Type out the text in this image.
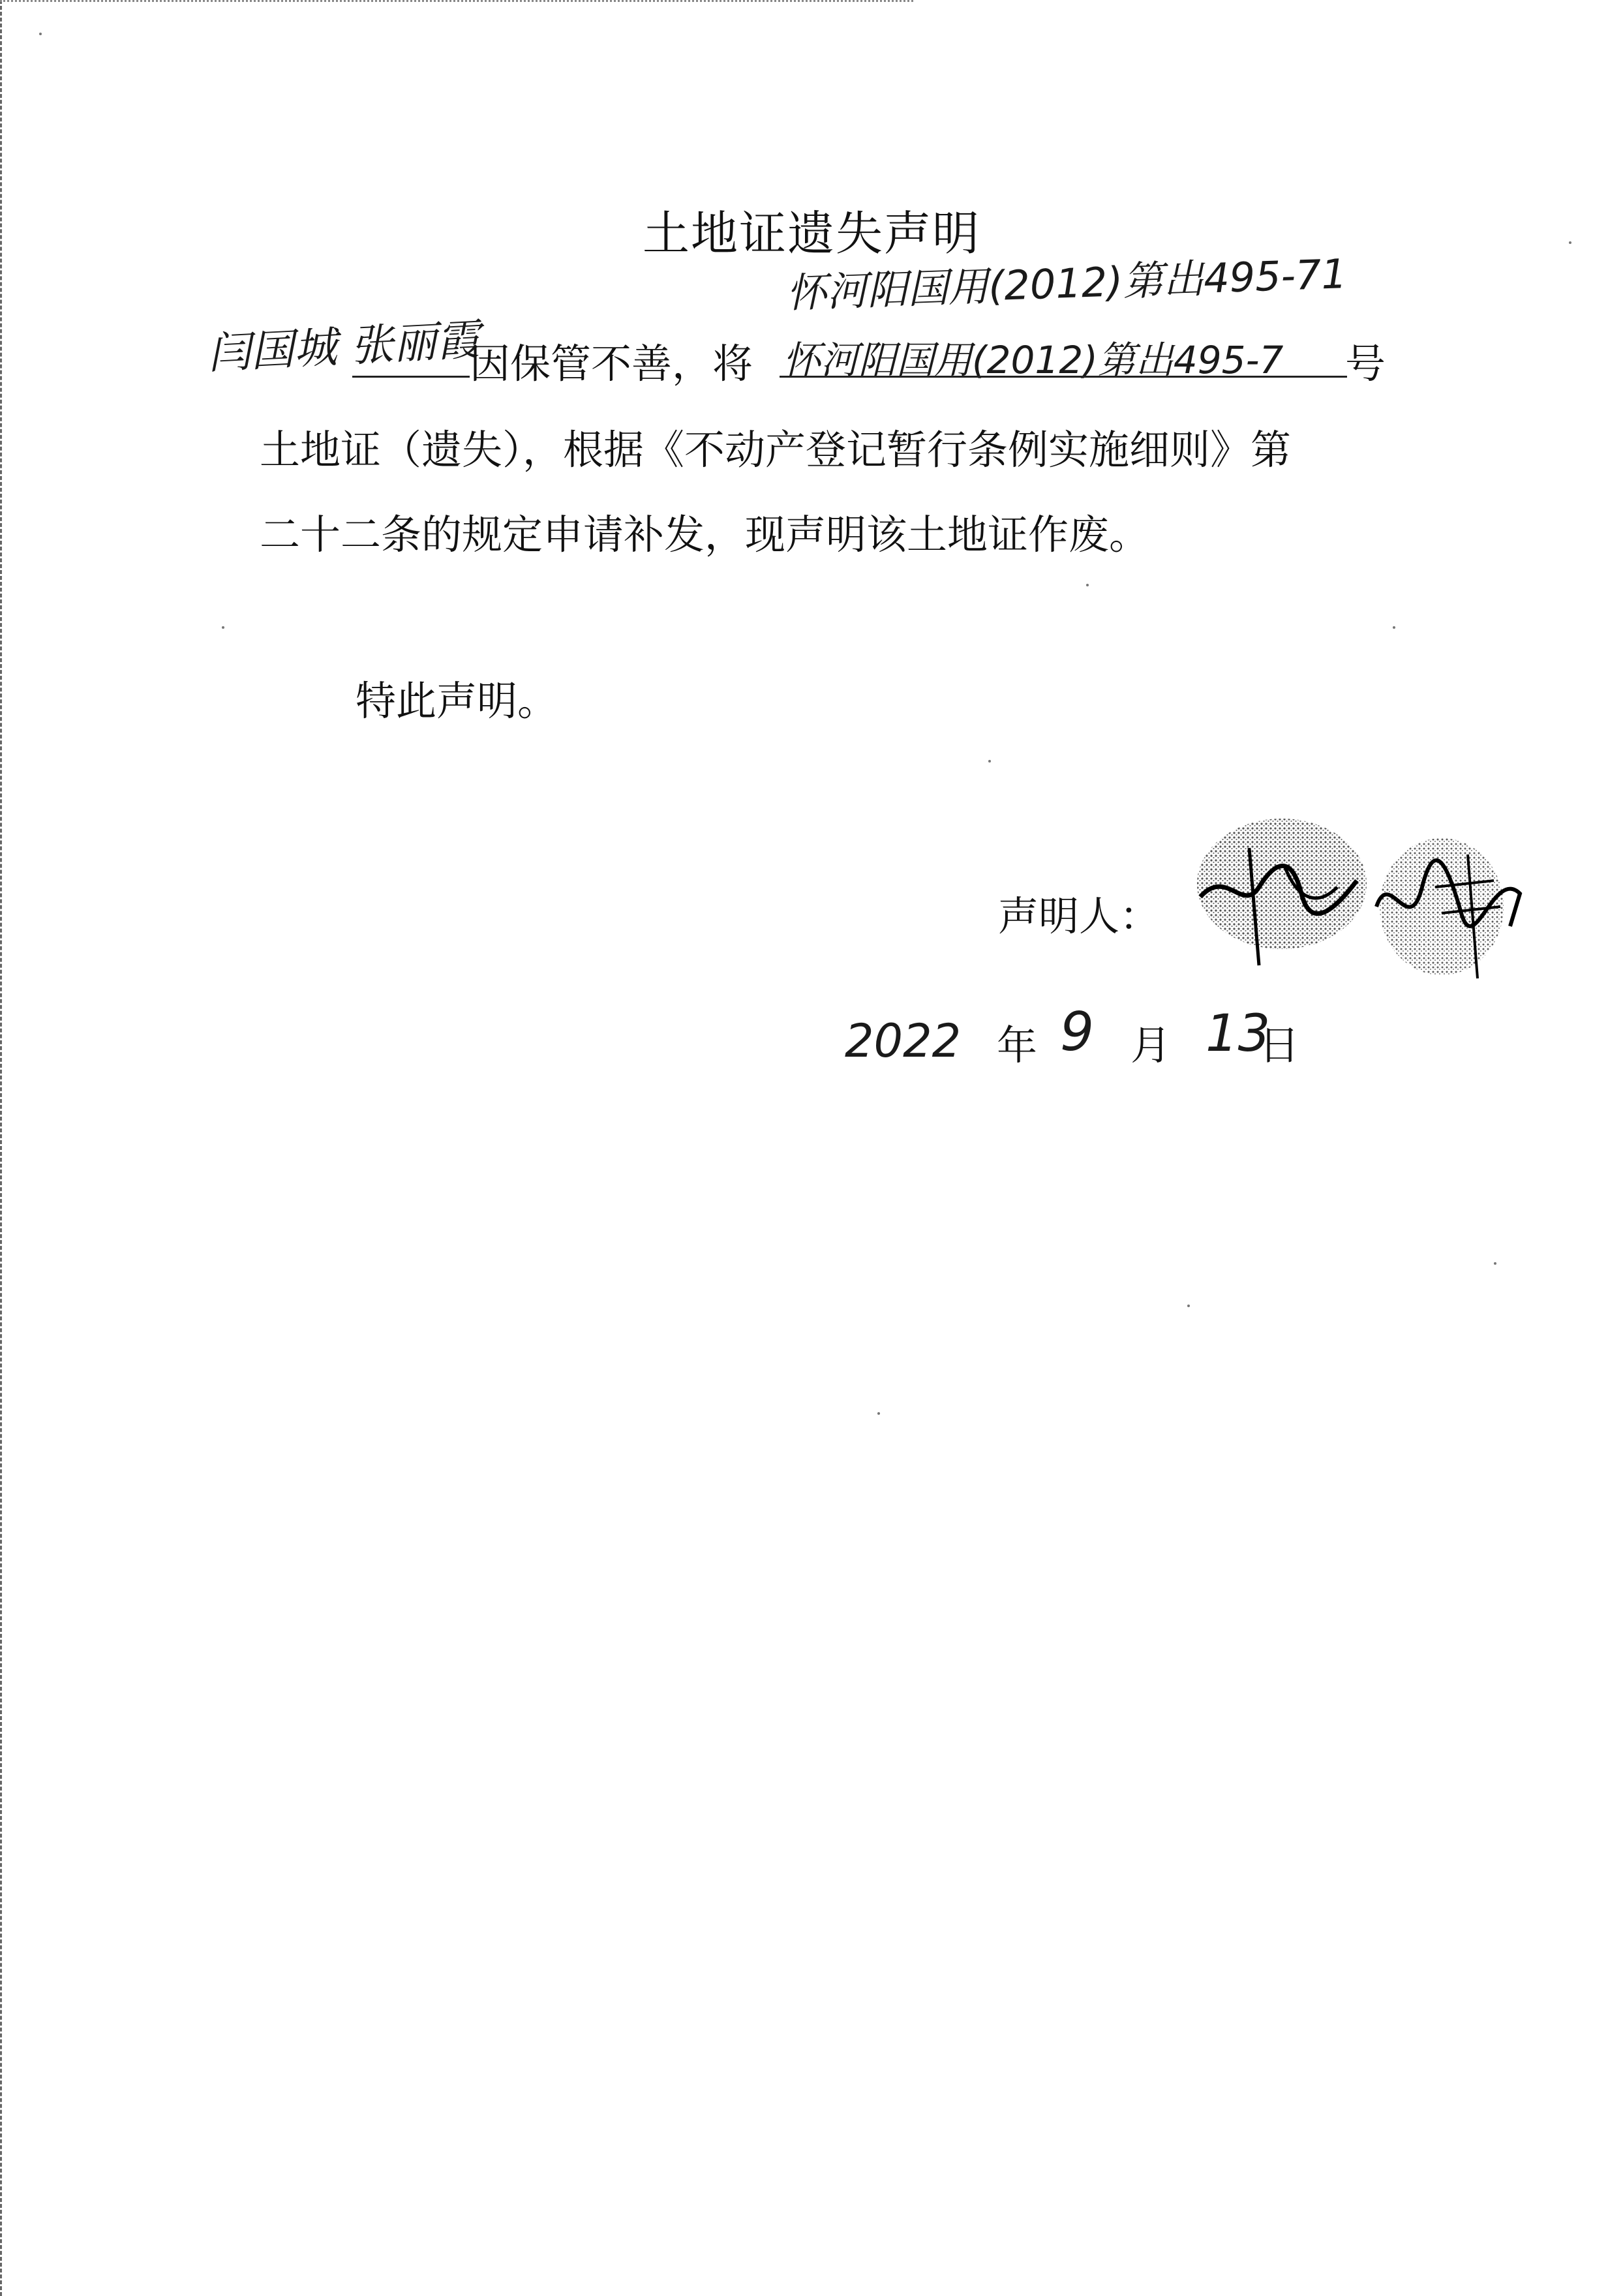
土地证遗失声明
怀河阳国用(2012)第出495-71
闫国城 张丽霞
因保管不善，将 怀河阳国用(2012)第出495-7 号
土地证（遗失），根据《不动产登记暂行条例实施细则》第
二十二条的规定申请补发，现声明该土地证作废。
特此声明。
声明人：
2022 年 9 月 13
日
